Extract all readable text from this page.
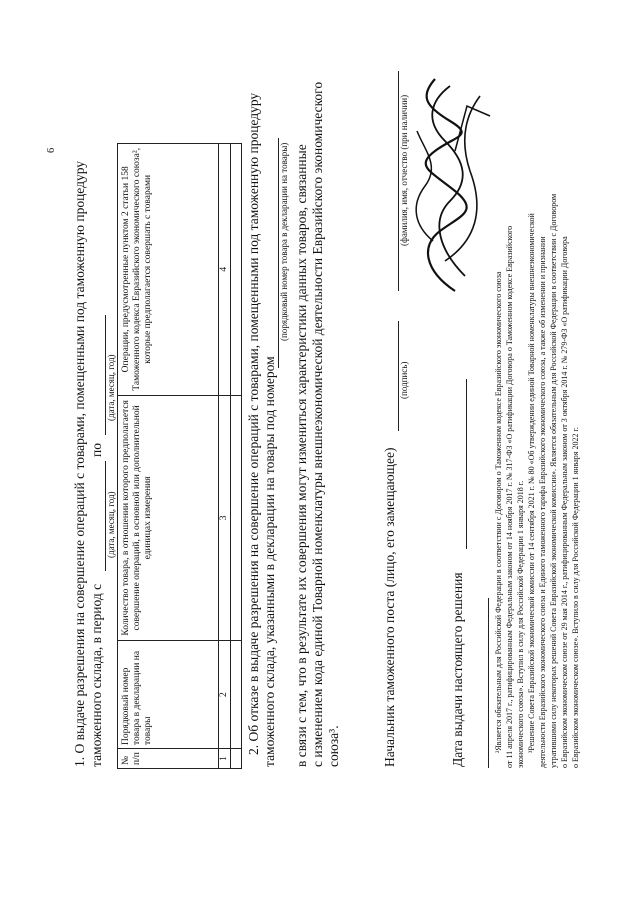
6
1. О выдаче разрешения на совершение операций с товарами, помещенными под таможенную процедуру таможенного склада, в период с
по
(дата, месяц, год)
(дата, месяц, год)
№ п/п	Порядковый номер товара в декларации на товары	Количество товара, в отношении которого предполагается совершение операций, в основной или дополнительной единицах измерения	Операции, предусмотренные пунктом 2 статьи 158 Таможенного кодекса Евразийского экономического союза², которые предполагается совершать с товарами
1	2	3	4
			2. Об отказе в выдаче разрешения на совершение операций с товарами, помещенными под таможенную процедуру таможенного склада, указанными в декларации на товары под номером
(порядковый номер товара в декларации на товары) в связи с тем, что в результате их совершения могут измениться характеристики данных товаров, связанные с изменением кода единой Товарной номенклатуры внешнеэкономической деятельности Евразийского экономического союза³.	Начальник таможенного поста (лицо, его замещающее)
(подпись)
(фамилия, имя, отчество (при наличии)
Дата выдачи настоящего решения	²Является обязательным для Российской Федерации в соответствии с Договором о Таможенном кодексе Евразийского экономического союза от 11 апреля 2017 г., ратифицированным Федеральным законом от 14 ноября 2017 г. № 317-ФЗ «О ратификации Договора о Таможенном кодексе Евразийского экономического союза». Вступил в силу для Российской Федерации 1 января 2018 г. ³Решение Совета Евразийской экономической комиссии от 14 сентября 2021 г. № 80 «Об утверждении единой Товарной номенклатуры внешнеэкономической деятельности Евразийского экономического союза и Единого таможенного тарифа Евразийского экономического союза, а также об изменении и признании утратившими силу некоторых решений Совета Евразийской экономической комиссии». Является обязательным для Российской Федерации в соответствии с Договором о Евразийском экономическом союзе от 29 мая 2014 г., ратифицированным Федеральным законом от 3 октября 2014 г. № 279-ФЗ «О ратификации Договора о Евразийском экономическом союзе». Вступило в силу для Российской Федерации 1 января 2022 г.
